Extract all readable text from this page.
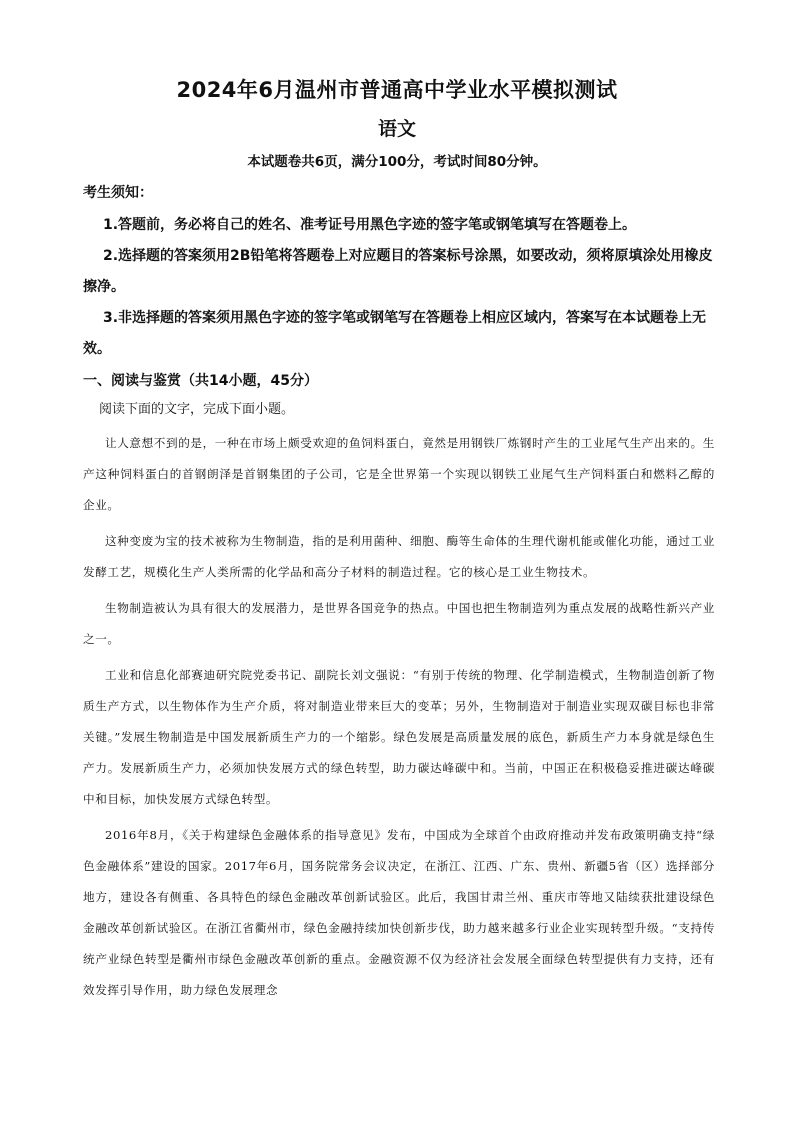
2024年6月温州市普通高中学业水平模拟测试
语文
本试题卷共6页，满分100分，考试时间80分钟。
考生须知：

1.答题前，务必将自己的姓名、准考证号用黑色字迹的签字笔或钢笔填写在答题卷上。

2.选择题的答案须用2B铅笔将答题卷上对应题目的答案标号涂黑，如要改动，须将原填涂处用橡皮擦净。

3.非选择题的答案须用黑色字迹的签字笔或钢笔写在答题卷上相应区域内，答案写在本试题卷上无效。

一、阅读与鉴赏（共14小题，45分）
阅读下面的文字，完成下面小题。

让人意想不到的是，一种在市场上颇受欢迎的鱼饲料蛋白，竟然是用钢铁厂炼钢时产生的工业尾气生产出来的。生产这种饲料蛋白的首钢朗泽是首钢集团的子公司，它是全世界第一个实现以钢铁工业尾气生产饲料蛋白和燃料乙醇的企业。

这种变废为宝的技术被称为生物制造，指的是利用菌种、细胞、酶等生命体的生理代谢机能或催化功能，通过工业发酵工艺，规模化生产人类所需的化学品和高分子材料的制造过程。它的核心是工业生物技术。

生物制造被认为具有很大的发展潜力，是世界各国竞争的热点。中国也把生物制造列为重点发展的战略性新兴产业之一。

工业和信息化部赛迪研究院党委书记、副院长刘文强说：“有别于传统的物理、化学制造模式，生物制造创新了物质生产方式，以生物体作为生产介质，将对制造业带来巨大的变革；另外，生物制造对于制造业实现双碳目标也非常关键。”发展生物制造是中国发展新质生产力的一个缩影。绿色发展是高质量发展的底色，新质生产力本身就是绿色生产力。发展新质生产力，必须加快发展方式的绿色转型，助力碳达峰碳中和。当前，中国正在积极稳妥推进碳达峰碳中和目标，加快发展方式绿色转型。

2016年8月，《关于构建绿色金融体系的指导意见》发布，中国成为全球首个由政府推动并发布政策明确支持“绿色金融体系”建设的国家。2017年6月，国务院常务会议决定，在浙江、江西、广东、贵州、新疆5省（区）选择部分地方，建设各有侧重、各具特色的绿色金融改革创新试验区。此后，我国甘肃兰州、重庆市等地又陆续获批建设绿色金融改革创新试验区。在浙江省衢州市，绿色金融持续加快创新步伐，助力越来越多行业企业实现转型升级。“支持传统产业绿色转型是衢州市绿色金融改革创新的重点。金融资源不仅为经济社会发展全面绿色转型提供有力支持，还有效发挥引导作用，助力绿色发展理念
